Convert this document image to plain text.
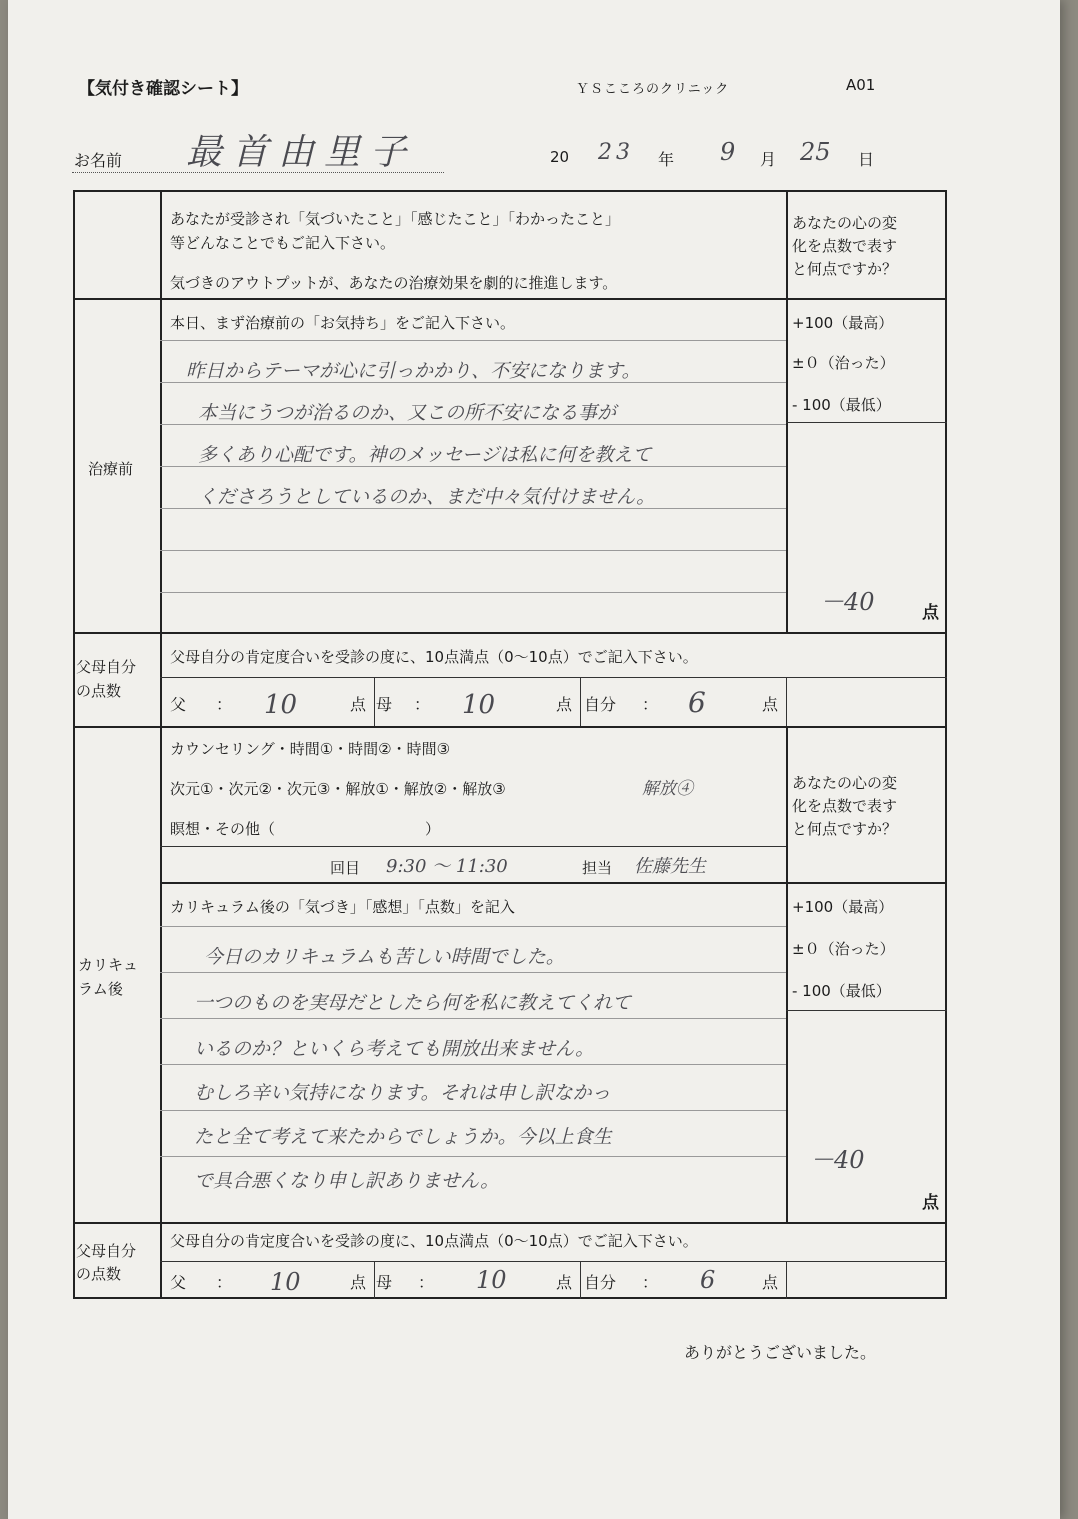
【気付き確認シート】	ＹＳこころのクリニック	A01
お名前 最首由里子	20 23 年 9 月 25 日
あなたが受診され「気づいたこと」「感じたこと」「わかったこと」
等どんなことでもご記入下さい。
気づきのアウトプットが、あなたの治療効果を劇的に推進します。
あなたの心の変
化を点数で表す
と何点ですか？
治療前
本日、まず治療前の「お気持ち」をご記入下さい。
昨日からテーマが心に引っかかり、不安になります。
本当にうつが治るのか、又この所不安になる事が
多くあり心配です。神のメッセージは私に何を教えて
くださろうとしているのか、まだ中々気付けません。
+100（最高）
±０（治った）
- 100（最低）
－40	点
父母自分
の点数
父母自分の肯定度合いを受診の度に、10点満点（0～10点）でご記入下さい。
父 ： 10	点 母 ： 10	点 自分 ： 6	点
カウンセリング・時間①・時間②・時間③
次元①・次元②・次元③・解放①・解放②・解放③	解放④
瞑想・その他（　　　　　　　　　　）
回目 9:30 ～ 11:30	担当 佐藤先生
あなたの心の変
化を点数で表す
と何点ですか？
カリキュ
ラム後
カリキュラム後の「気づき」「感想」「点数」を記入
今日のカリキュラムも苦しい時間でした。
一つのものを実母だとしたら何を私に教えてくれて
いるのか？といくら考えても開放出来ません。
むしろ辛い気持になります。それは申し訳なかっ
たと全て考えて来たからでしょうか。今以上食生
で具合悪くなり申し訳ありません。
+100（最高）
±０（治った）
- 100（最低）
－40
点
父母自分
の点数
父母自分の肯定度合いを受診の度に、10点満点（0～10点）でご記入下さい。
父 ： 10	点 母 ： 10	点 自分 ： 6	点
ありがとうございました。
